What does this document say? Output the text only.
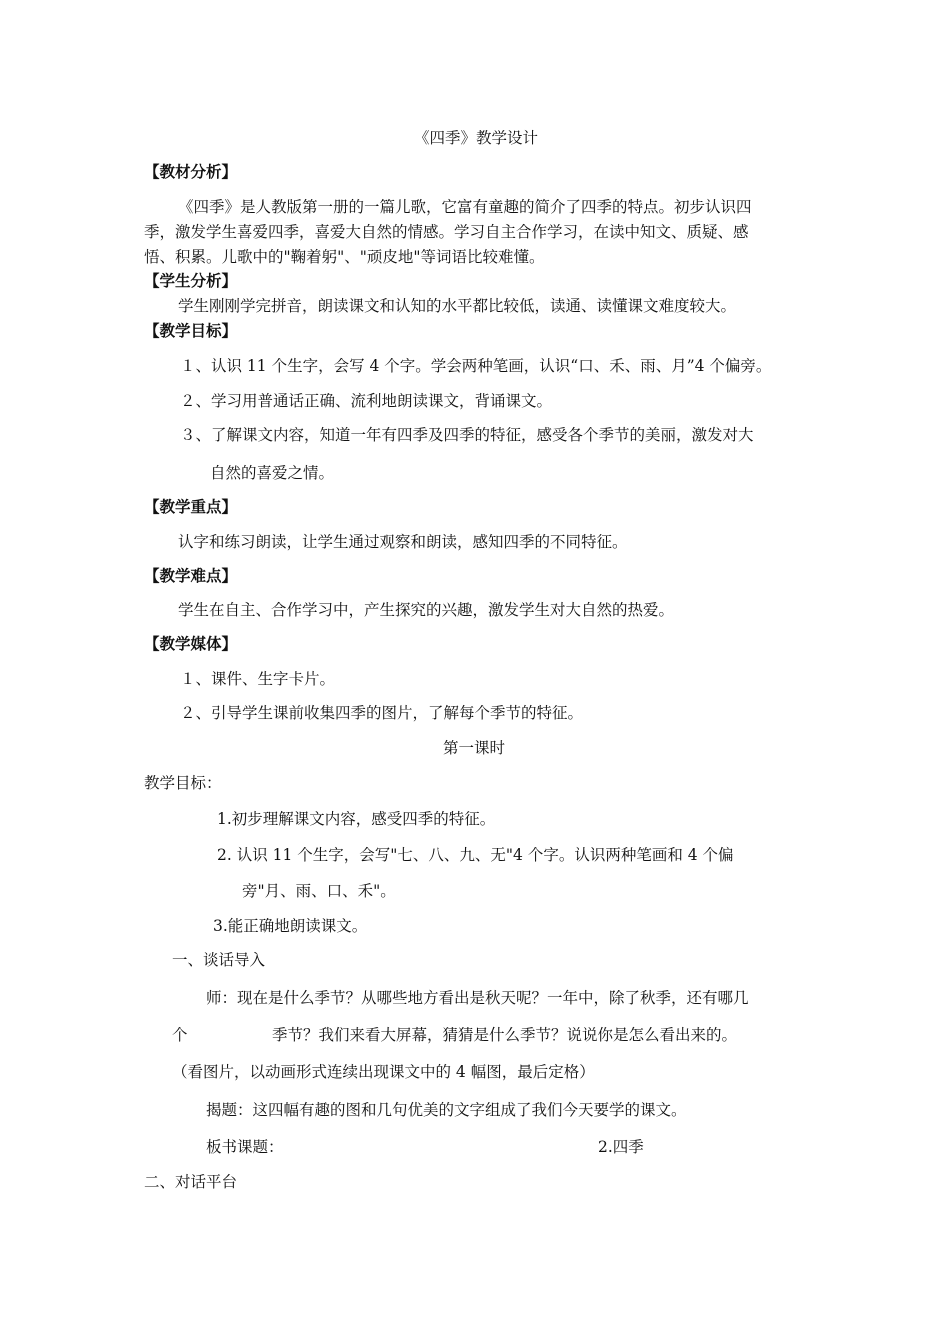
《四季》教学设计
【教材分析】
《四季》是人教版第一册的一篇儿歌，它富有童趣的简介了四季的特点。初步认识四
季，激发学生喜爱四季，喜爱大自然的情感。学习自主合作学习，在读中知文、质疑、感
悟、积累。儿歌中的"鞠着躬"、"顽皮地"等词语比较难懂。
【学生分析】
学生刚刚学完拼音，朗读课文和认知的水平都比较低，读通、读懂课文难度较大。
【教学目标】
１、认识 11 个生字，会写 4 个字。学会两种笔画，认识“口、禾、雨、月”4 个偏旁。
２、学习用普通话正确、流利地朗读课文，背诵课文。
３、了解课文内容，知道一年有四季及四季的特征，感受各个季节的美丽，激发对大
自然的喜爱之情。
【教学重点】
认字和练习朗读，让学生通过观察和朗读，感知四季的不同特征。
【教学难点】
学生在自主、合作学习中，产生探究的兴趣，激发学生对大自然的热爱。
【教学媒体】
１、课件、生字卡片。
２、引导学生课前收集四季的图片，了解每个季节的特征。
第一课时
教学目标：
1.初步理解课文内容，感受四季的特征。
2. 认识 11 个生字，会写"七、八、九、无"4 个字。认识两种笔画和 4 个偏
旁"月、雨、口、禾"。
3.能正确地朗读课文。
一、谈话导入
师：现在是什么季节？从哪些地方看出是秋天呢？一年中，除了秋季，还有哪几
个	季节？我们来看大屏幕，猜猜是什么季节？说说你是怎么看出来的。
（看图片，以动画形式连续出现课文中的 4 幅图，最后定格）
揭题：这四幅有趣的图和几句优美的文字组成了我们今天要学的课文。
板书课题：	2.四季
二、对话平台
